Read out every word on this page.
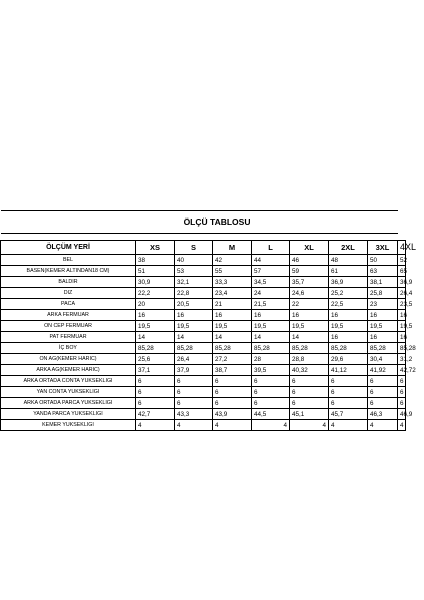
ÖLÇÜ TABLOSU								

ÖLÇÜM YERİ	XS	S	M	L	XL	2XL	3XL	4XL
BEL	38	40	42	44	46	48	50	52
BASEN(KEMER ALTINDAN18 CM)	51	53	55	57	59	61	63	65
BALDIR	30,9	32,1	33,3	34,5	35,7	36,9	38,1	36,9
DIZ	22,2	22,8	23,4	24	24,6	25,2	25,8	26,4
PACA	20	20,5	21	21,5	22	22,5	23	23,5
ARKA FERMUAR	16	16	16	16	16	16	16	16
ON CEP FERMUAR	19,5	19,5	19,5	19,5	19,5	19,5	19,5	19,5
PAT FERMUAR	14	14	14	14	14	16	16	16
İÇ BOY	85,28	85,28	85,28	85,28	85,28	85,28	85,28	85,28
ON AG(KEMER HARIC)	25,6	26,4	27,2	28	28,8	29,6	30,4	31,2
ARKA AG(KEMER HARIC)	37,1	37,9	38,7	39,5	40,32	41,12	41,92	42,72
ARKA ORTADA CONTA YUKSEKLIGI	6	6	6	6	6	6	6	6
YAN CONTA YUKSEKLIGI	6	6	6	6	6	6	6	6
ARKA ORTADA PARCA YUKSEKLIGI	6	6	6	6	6	6	6	6
YANDA PARCA YUKSEKLIGI	42,7	43,3	43,9	44,5	45,1	45,7	46,3	46,9
KEMER YUKSEKLIGI	4	4	4	4	4	4	4	4
